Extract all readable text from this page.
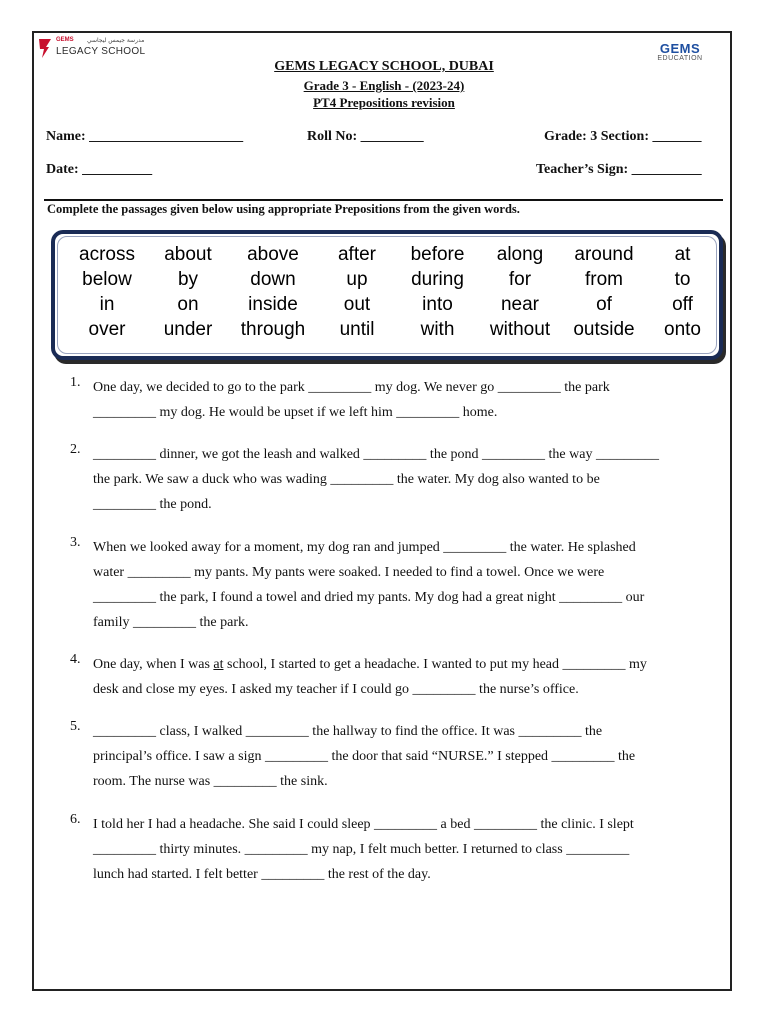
GEMS مدرسة جيمس ليجاسي
LEGACY SCHOOL	GEMS
EDUCATION
GEMS LEGACY SCHOOL, DUBAI
Grade 3 - English - (2023-24)
PT4 Prepositions revision
Name: ______________________	Roll No: _________	Grade: 3 Section: _______
Date: __________	Teacher’s Sign: __________
Complete the passages given below using appropriate Prepositions from the given words.
across	about	above	after	before	along	around	at
below	by	down	up	during	for	from	to
in	on	inside	out	into	near	of	off
over	under	through	until	with	without	outside	onto
1. One day, we decided to go to the park _________ my dog. We never go _________ the park
_________ my dog. He would be upset if we left him _________ home.
2. _________ dinner, we got the leash and walked _________ the pond _________ the way _________
the park. We saw a duck who was wading _________ the water. My dog also wanted to be
_________ the pond.
3. When we looked away for a moment, my dog ran and jumped _________ the water. He splashed
water _________ my pants. My pants were soaked. I needed to find a towel. Once we were
_________ the park, I found a towel and dried my pants. My dog had a great night _________ our
family _________ the park.
4. One day, when I was at school, I started to get a headache. I wanted to put my head _________ my
desk and close my eyes. I asked my teacher if I could go _________ the nurse’s office.
5. _________ class, I walked _________ the hallway to find the office. It was _________ the
principal’s office. I saw a sign _________ the door that said “NURSE.” I stepped _________ the
room. The nurse was _________ the sink.
6. I told her I had a headache. She said I could sleep _________ a bed _________ the clinic. I slept
_________ thirty minutes. _________ my nap, I felt much better. I returned to class _________
lunch had started. I felt better _________ the rest of the day.
